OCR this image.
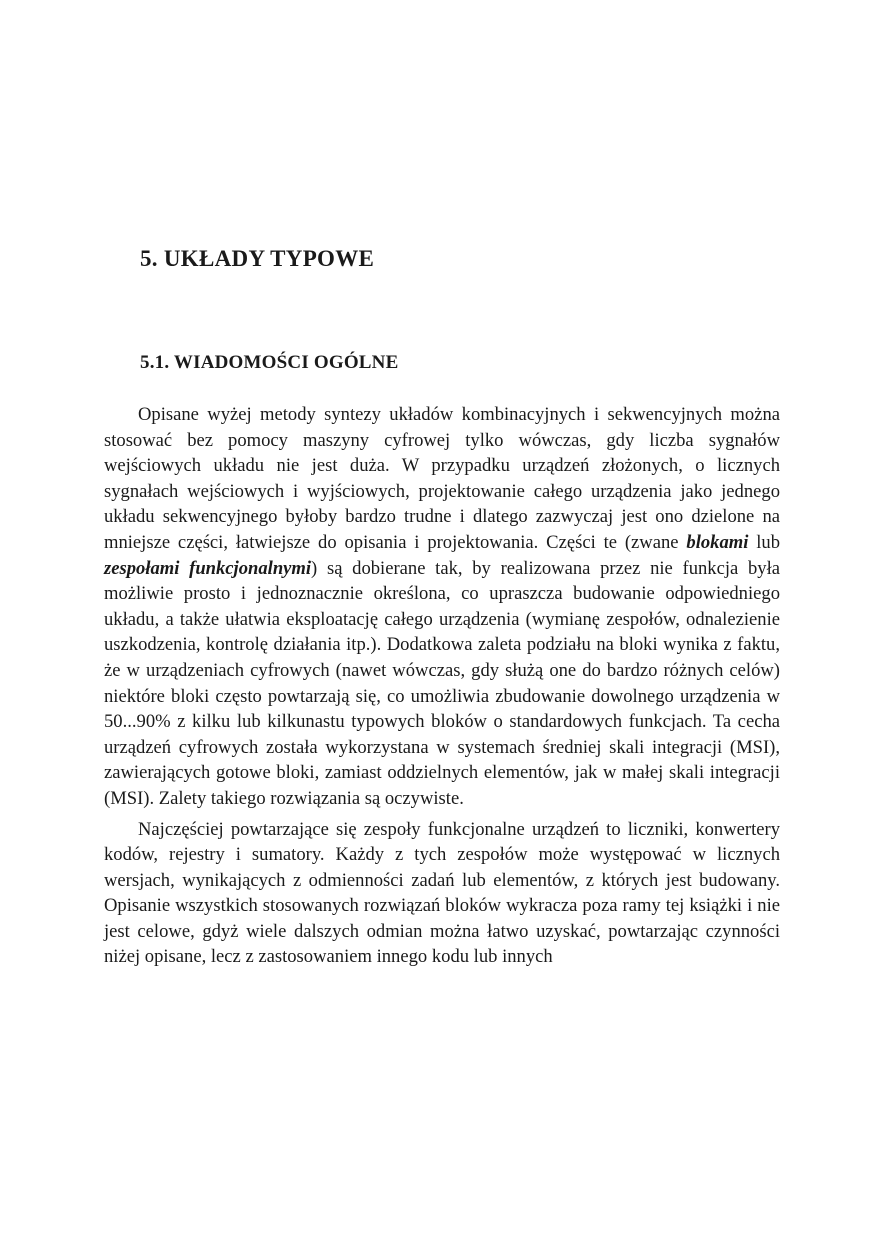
5. UKŁADY TYPOWE
5.1. WIADOMOŚCI OGÓLNE

Opisane wyżej metody syntezy układów kombinacyjnych i sekwencyjnych można stosować bez pomocy maszyny cyfrowej tylko wówczas, gdy liczba sygnałów wejściowych układu nie jest duża. W przypadku urządzeń złożonych, o licznych sygnałach wejściowych i wyjściowych, projektowanie całego urządzenia jako jednego układu sekwencyjnego byłoby bardzo trudne i dlatego zazwyczaj jest ono dzielone na mniejsze części, łatwiejsze do opisania i projektowania. Części te (zwane blokami lub zespołami funkcjonalnymi) są dobierane tak, by realizowana przez nie funkcja była możliwie prosto i jednoznacznie określona, co upraszcza budowanie odpowiedniego układu, a także ułatwia eksploatację całego urządzenia (wymianę zespołów, odnalezienie uszkodzenia, kontrolę działania itp.). Dodatkowa zaleta podziału na bloki wynika z faktu, że w urządzeniach cyfrowych (nawet wówczas, gdy służą one do bardzo różnych celów) niektóre bloki często powtarzają się, co umożliwia zbudowanie dowolnego urządzenia w 50...90% z kilku lub kilkunastu typowych bloków o standardowych funkcjach. Ta cecha urządzeń cyfrowych została wykorzystana w systemach średniej skali integracji (MSI), zawierających gotowe bloki, zamiast oddzielnych elementów, jak w małej skali integracji (MSI). Zalety takiego rozwiązania są oczywiste.

Najczęściej powtarzające się zespoły funkcjonalne urządzeń to liczniki, konwertery kodów, rejestry i sumatory. Każdy z tych zespołów może występować w licznych wersjach, wynikających z odmienności zadań lub elementów, z których jest budowany. Opisanie wszystkich stosowanych rozwiązań bloków wykracza poza ramy tej książki i nie jest celowe, gdyż wiele dalszych odmian można łatwo uzyskać, powtarzając czynności niżej opisane, lecz z zastosowaniem innego kodu lub innych
